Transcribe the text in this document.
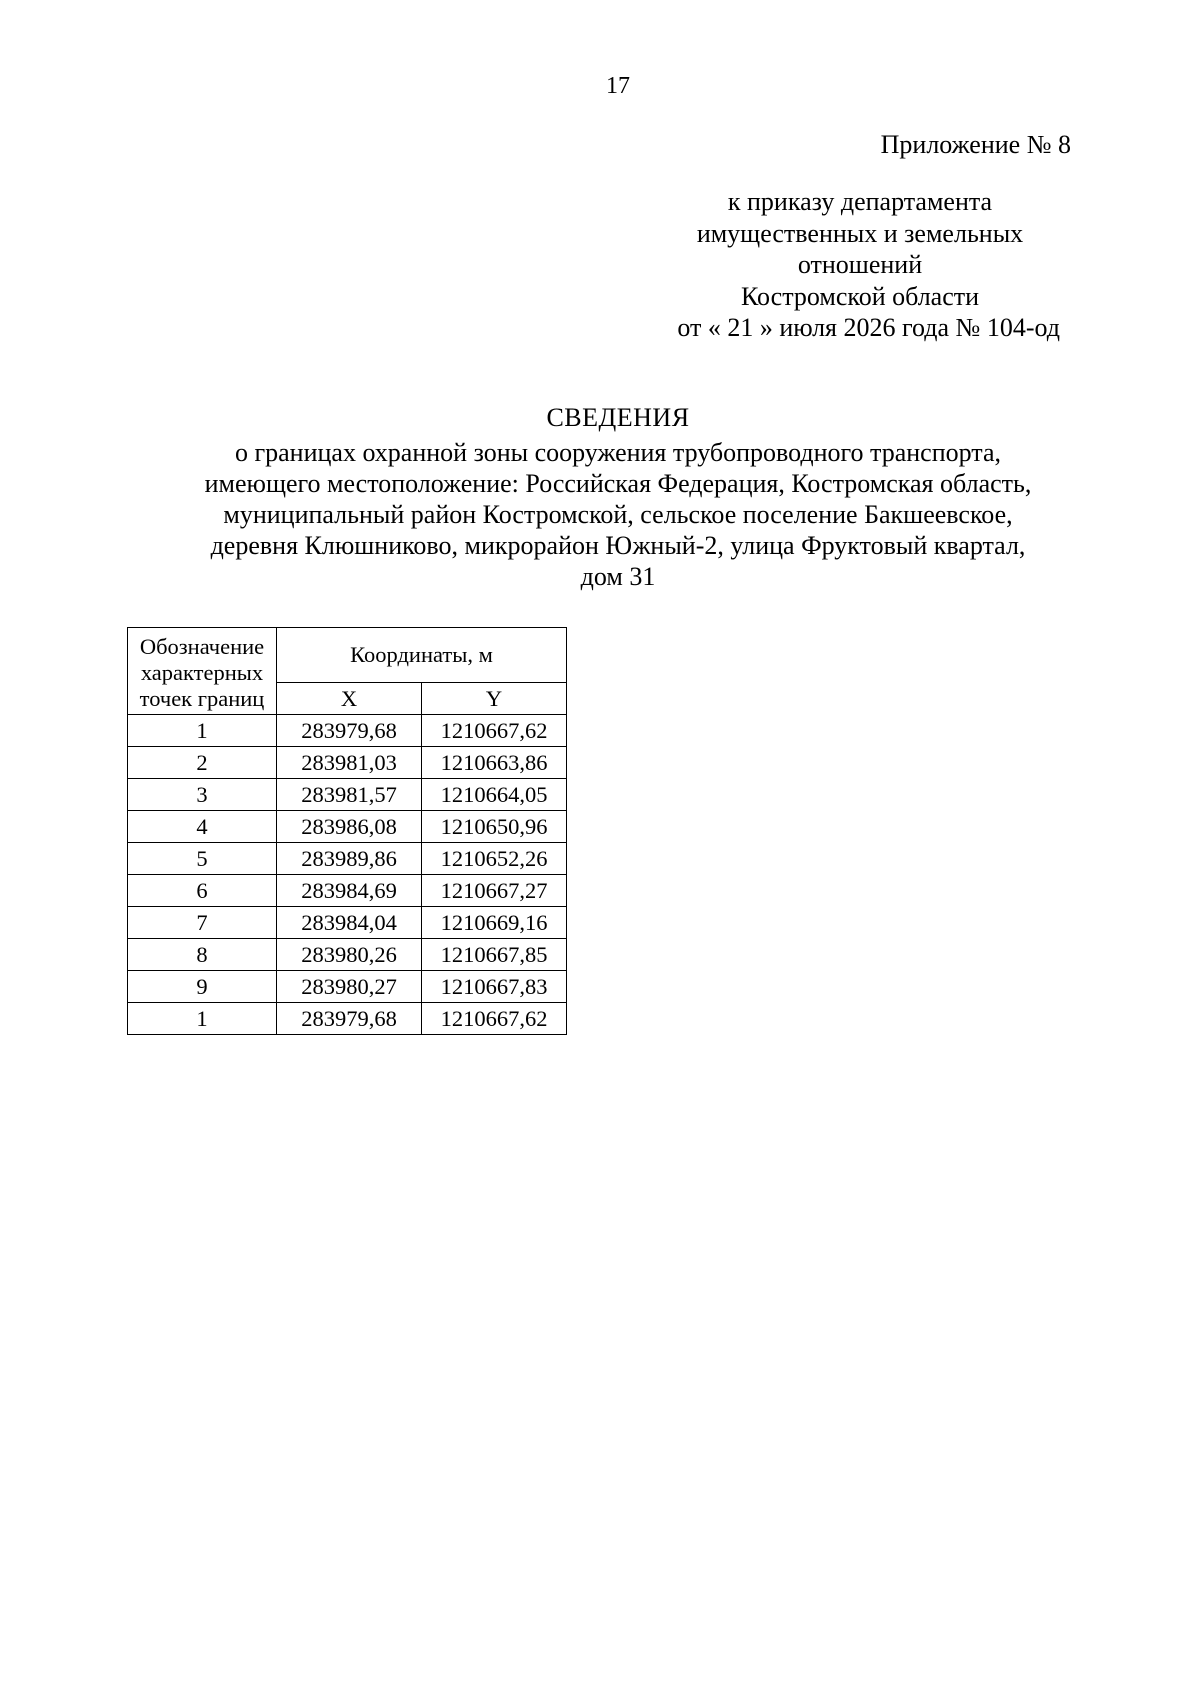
17
Приложение № 8
к приказу департамента
имущественных и земельных
отношений
Костромской области
от « 21 » июля 2026 года № 104-од
СВЕДЕНИЯ
о границах охранной зоны сооружения трубопроводного транспорта,
имеющего местоположение: Российская Федерация, Костромская область,
муниципальный район Костромской, сельское поселение Бакшеевское,
деревня Клюшниково, микрорайон Южный-2, улица Фруктовый квартал,
дом 31
Обозначение
характерных
точек границ	Координаты, м	
	X	Y
1	283979,68	1210667,62
2	283981,03	1210663,86
3	283981,57	1210664,05
4	283986,08	1210650,96
5	283989,86	1210652,26
6	283984,69	1210667,27
7	283984,04	1210669,16
8	283980,26	1210667,85
9	283980,27	1210667,83
1	283979,68	1210667,62
